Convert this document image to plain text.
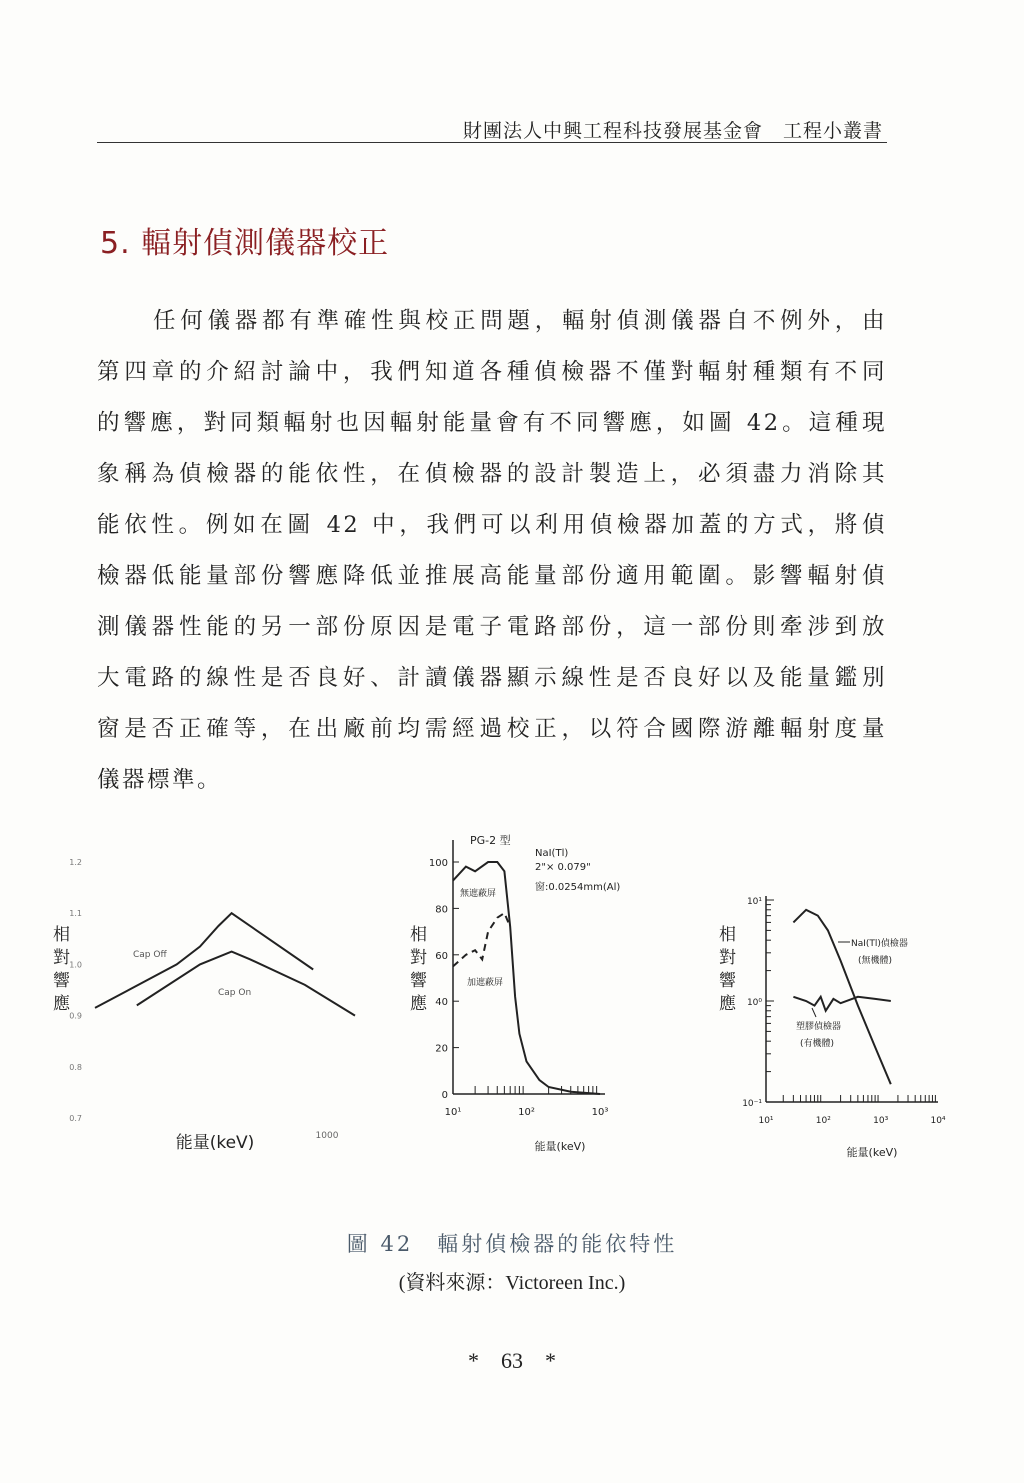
財團法人中興工程科技發展基金會　工程小叢書
5. 輻射偵測儀器校正
任何儀器都有準確性與校正問題，輻射偵測儀器自不例外，由
第四章的介紹討論中，我們知道各種偵檢器不僅對輻射種類有不同
的響應，對同類輻射也因輻射能量會有不同響應，如圖 42。這種現
象稱為偵檢器的能依性，在偵檢器的設計製造上，必須盡力消除其
能依性。例如在圖 42 中，我們可以利用偵檢器加蓋的方式，將偵
檢器低能量部份響應降低並推展高能量部份適用範圍。影響輻射偵
測儀器性能的另一部份原因是電子電路部份，這一部份則牽涉到放
大電路的線性是否良好、計讀儀器顯示線性是否良好以及能量鑑別
窗是否正確等，在出廠前均需經過校正，以符合國際游離輻射度量
儀器標準。
相對響應
能量(keV)	1000
Cap Off
Cap On
1.2
1.1
1.0
0.9
0.8
0.7
PG-2 型
相對響應
能量(keV)
NaI(Tl)
2"× 0.079"
窗:0.0254mm(Al)
無遮蔽屏
加遮蔽屏
100
80
60
40
20
0
10¹	10²	10³
相對響應
能量(keV)
NaI(Tl)偵檢器
(無機體)
塑膠偵檢器
(有機體)
10¹
10⁰
10⁻¹
10¹	10²	10³	10⁴
圖 42　輻射偵檢器的能依特性
(資料來源：Victoreen Inc.)
*　63　*
